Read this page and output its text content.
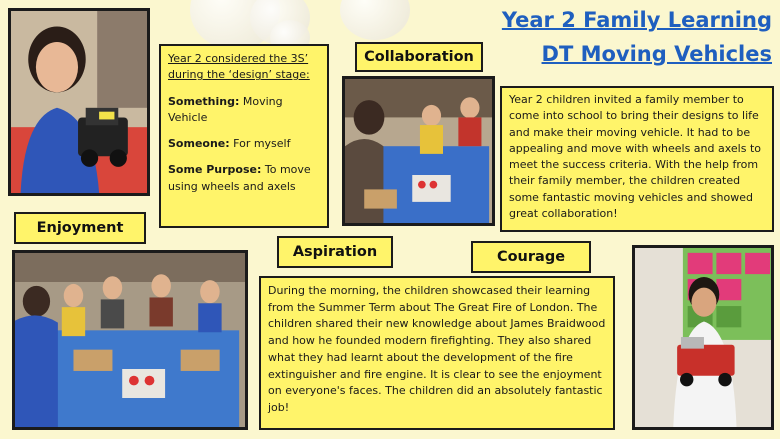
Year 2 Family Learning
DT Moving Vehicles

Year 2 considered the 3S’

during the ‘design’ stage:

Something: Moving Vehicle

Someone: For myself

Some Purpose: To move using wheels and axels

Collaboration
Year 2 children invited a family member to come into school to bring their designs to life and make their moving vehicle. It had to be appealing and move with wheels and axels to meet the success criteria. With the help from their family member, the children created some fantastic moving vehicles and showed great collaboration!
Enjoyment
Aspiration	Courage
During the morning, the children showcased their learning from the Summer Term about The Great Fire of London. The children shared their new knowledge about James Braidwood and how he founded modern firefighting. They also shared what they had learnt about the development of the fire extinguisher and fire engine. It is clear to see the enjoyment on everyone's faces. The children did an absolutely fantastic job!
